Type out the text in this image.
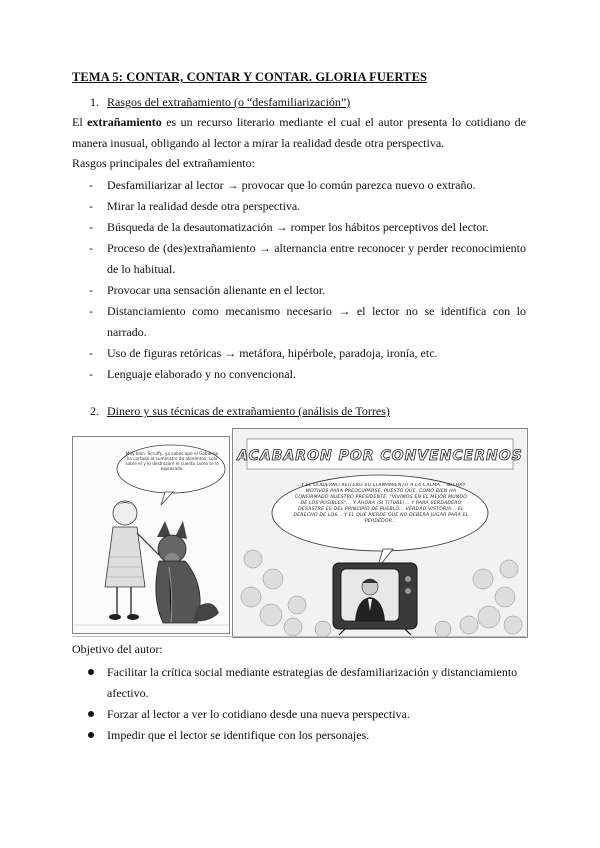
TEMA 5: CONTAR, CONTAR Y CONTAR. GLORIA FUERTES
1. Rasgos del extrañamiento (o “desfamiliarización”)
El extrañamiento es un recurso literario mediante el cual el autor presenta lo cotidiano de manera inusual, obligando al lector a mirar la realidad desde otra perspectiva.
Rasgos principales del extrañamiento:
- Desfamiliarizar al lector → provocar que lo común parezca nuevo o extraño.
- Mirar la realidad desde otra perspectiva.
- Búsqueda de la desautomatización → romper los hábitos perceptivos del lector.
- Proceso de (des)extrañamiento → alternancia entre reconocer y perder reconocimiento de lo habitual.
- Provocar una sensación alienante en el lector.
- Distanciamiento como mecanismo necesario → el lector no se identifica con lo narrado.
- Uso de figuras retóricas → metáfora, hipérbole, paradoja, ironía, etc.
- Lenguaje elaborado y no convencional.
2. Dinero y sus técnicas de extrañamiento (análisis de Torres)
Muy bien. Scruffy, ya sabes que el Gobierno ha cortado el suministro de alimentos: solo sobre el y lo destrozaré el cuento como te lo expresado.
ACABARON POR CONVENCERNOS
...Y EL GOBIERNO REITERO SU LLAMAMIENTO A LA CALMA... NO HAY MOTIVOS PARA PREOCUPARSE. PUESTO QUE, COMO BIEN HA CONFIRMADO NUESTRO PRESIDENTE, "VIVIMOS EN EL MEJOR MUNDO DE LOS POSIBLES"... Y AHORA (SI TITUBE)... Y PARA VERDADERO DESASTRE ES DEL PRINCIPIO DE PUEBLO... VERDAD VISTORIA... EL DERECHO DE LOS... Y EL QUE PIERDE QUE NO DEBERÁ JUGAR PARA EL PERDEDOR...
Objetivo del autor:
Facilitar la crítica social mediante estrategias de desfamiliarización y distanciamiento afectivo.
Forzar al lector a ver lo cotidiano desde una nueva perspectiva.
Impedir que el lector se identifique con los personajes.
